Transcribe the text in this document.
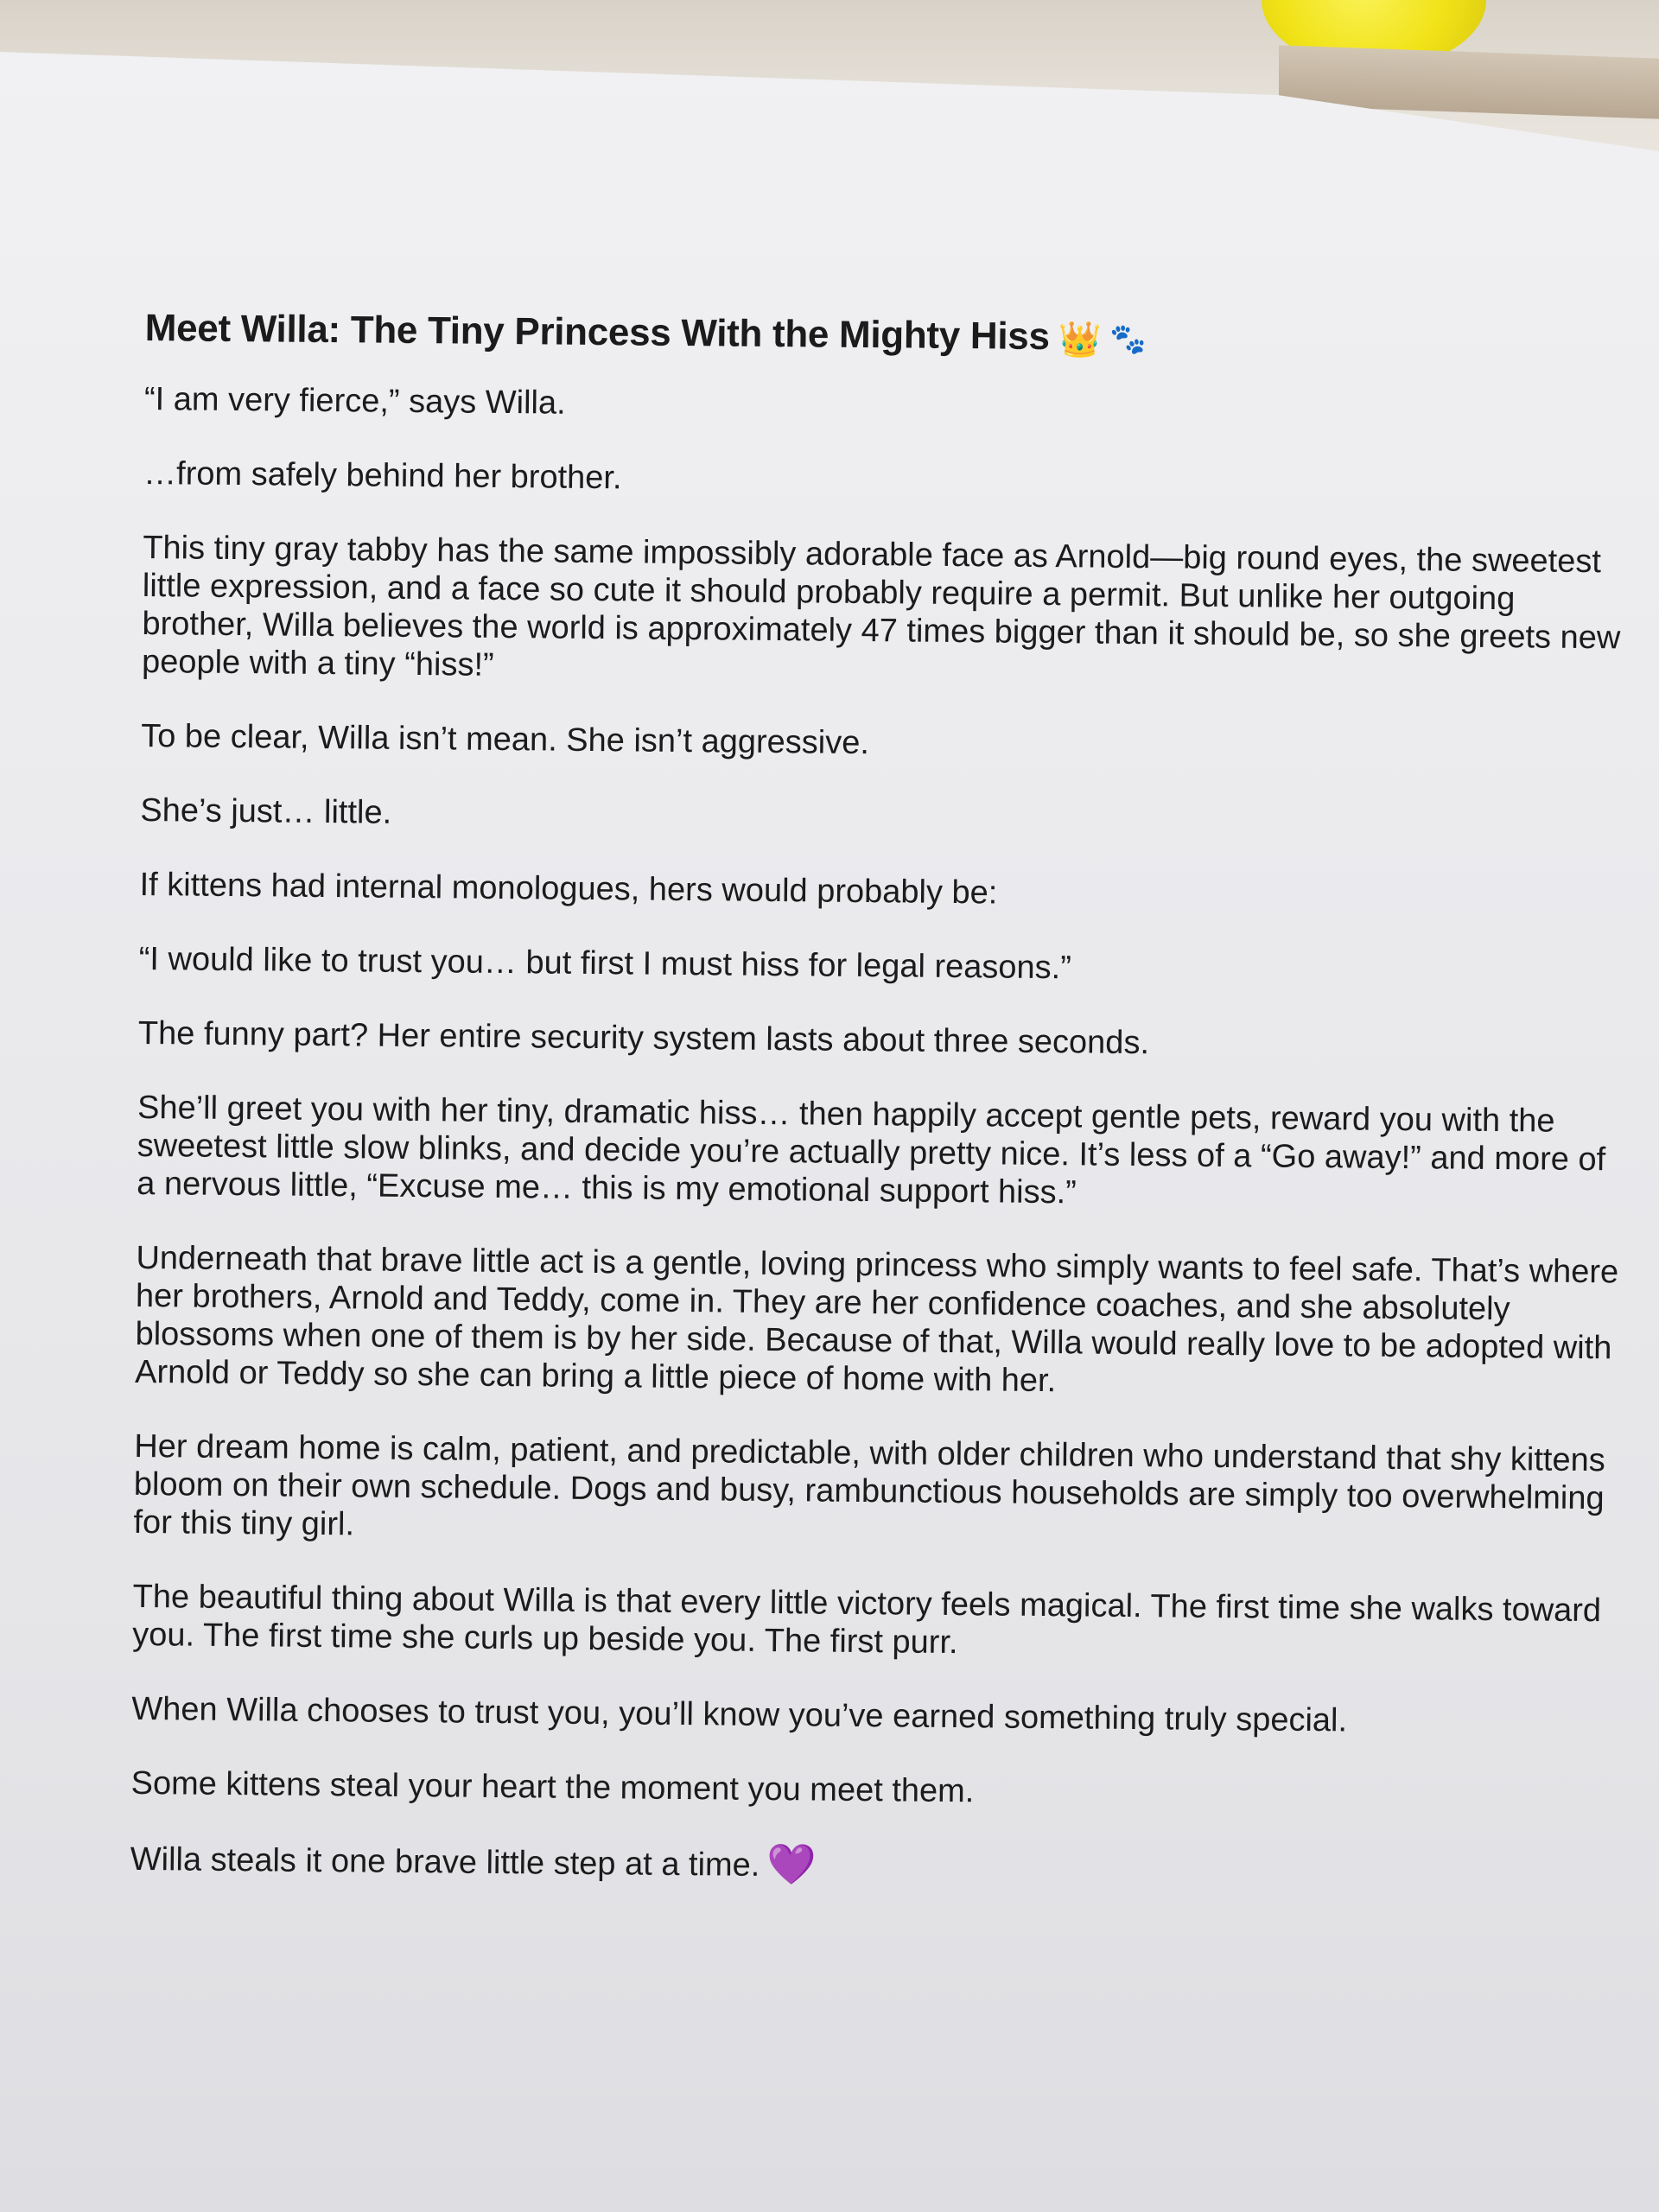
Meet Willa: The Tiny Princess With the Mighty Hiss 👑 🐾

“I am very fierce,” says Willa.

…from safely behind her brother.

This tiny gray tabby has the same impossibly adorable face as Arnold—big round eyes, the sweetest little expression, and a face so cute it should probably require a permit. But unlike her outgoing brother, Willa believes the world is approximately 47 times bigger than it should be, so she greets new people with a tiny “hiss!”

To be clear, Willa isn’t mean. She isn’t aggressive.

She’s just… little.

If kittens had internal monologues, hers would probably be:

“I would like to trust you… but first I must hiss for legal reasons.”

The funny part? Her entire security system lasts about three seconds.

She’ll greet you with her tiny, dramatic hiss… then happily accept gentle pets, reward you with the sweetest little slow blinks, and decide you’re actually pretty nice. It’s less of a “Go away!” and more of a nervous little, “Excuse me… this is my emotional support hiss.”

Underneath that brave little act is a gentle, loving princess who simply wants to feel safe. That’s where her brothers, Arnold and Teddy, come in. They are her confidence coaches, and she absolutely blossoms when one of them is by her side. Because of that, Willa would really love to be adopted with Arnold or Teddy so she can bring a little piece of home with her.

Her dream home is calm, patient, and predictable, with older children who understand that shy kittens bloom on their own schedule. Dogs and busy, rambunctious households are simply too overwhelming for this tiny girl.

The beautiful thing about Willa is that every little victory feels magical. The first time she walks toward you. The first time she curls up beside you. The first purr.

When Willa chooses to trust you, you’ll know you’ve earned something truly special.

Some kittens steal your heart the moment you meet them.

Willa steals it one brave little step at a time. 💜
